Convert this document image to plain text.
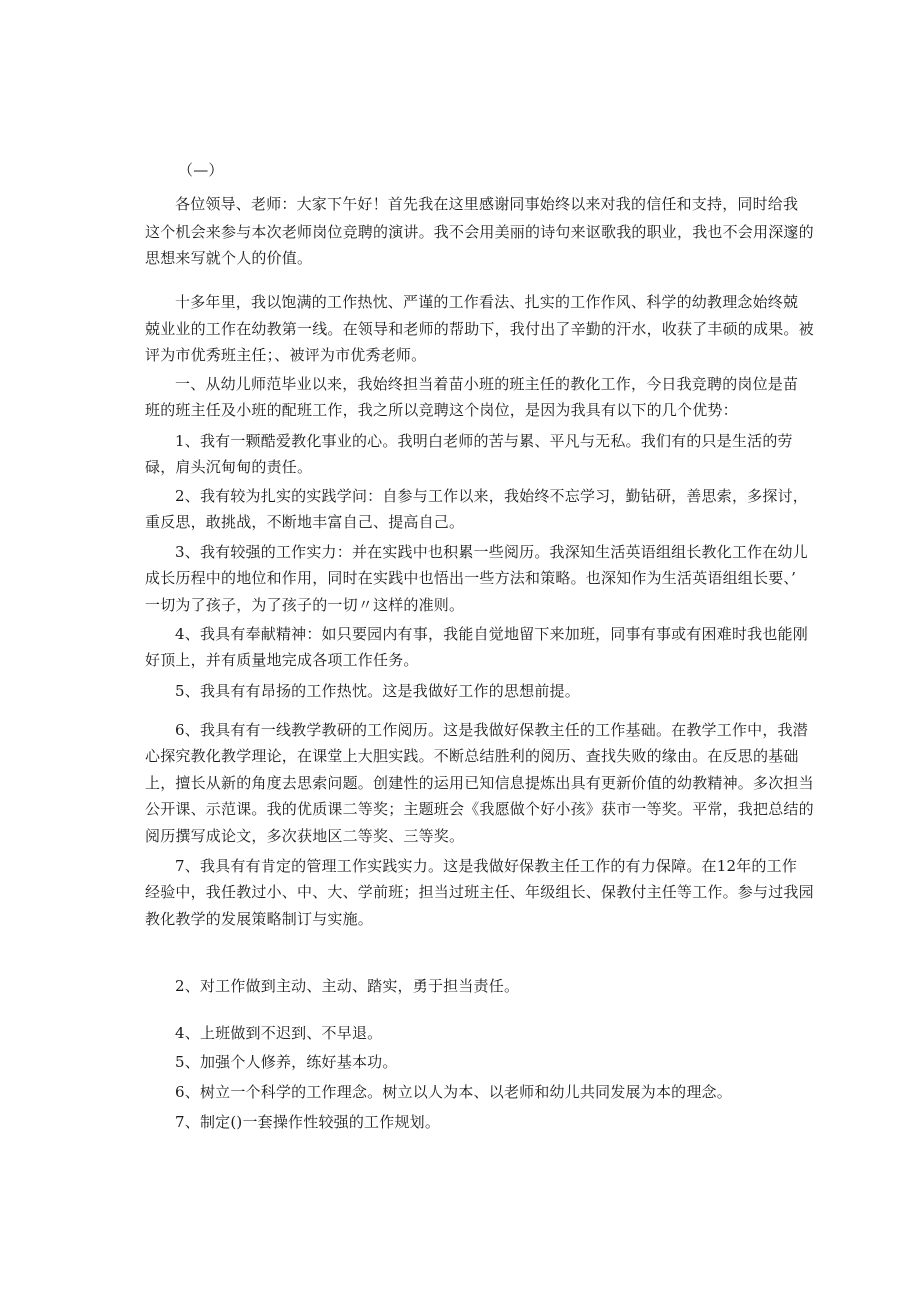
（—）
各位领导、老师：大家下午好！首先我在这里感谢同事始终以来对我的信任和支持，同时给我
这个机会来参与本次老师岗位竞聘的演讲。我不会用美丽的诗句来讴歌我的职业，我也不会用深邃的
思想来写就个人的价值。
十多年里，我以饱满的工作热忱、严谨的工作看法、扎实的工作作风、科学的幼教理念始终兢
兢业业的工作在幼教第一线。在领导和老师的帮助下，我付出了辛勤的汗水，收获了丰硕的成果。被
评为市优秀班主任；、被评为市优秀老师。
一、从幼儿师范毕业以来，我始终担当着苗小班的班主任的教化工作，今日我竞聘的岗位是苗
班的班主任及小班的配班工作，我之所以竞聘这个岗位，是因为我具有以下的几个优势：
1、我有一颗酷爱教化事业的心。我明白老师的苦与累、平凡与无私。我们有的只是生活的劳
碌，肩头沉甸甸的责任。
2、我有较为扎实的实践学问：自参与工作以来，我始终不忘学习，勤钻研，善思索，多探讨，
重反思，敢挑战，不断地丰富自己、提高自己。
3、我有较强的工作实力：并在实践中也积累一些阅历。我深知生活英语组组长教化工作在幼儿
成长历程中的地位和作用，同时在实践中也悟出一些方法和策略。也深知作为生活英语组组长要、’
一切为了孩子，为了孩子的一切〃这样的准则。
4、我具有奉献精神：如只要园内有事，我能自觉地留下来加班，同事有事或有困难时我也能刚
好顶上，并有质量地完成各项工作任务。
5、我具有有昂扬的工作热忱。这是我做好工作的思想前提。
6、我具有有一线教学教研的工作阅历。这是我做好保教主任的工作基础。在教学工作中，我潜
心探究教化教学理论，在课堂上大胆实践。不断总结胜利的阅历、查找失败的缘由。在反思的基础
上，擅长从新的角度去思索问题。创建性的运用已知信息提炼出具有更新价值的幼教精神。多次担当
公开课、示范课。我的优质课二等奖；主题班会《我愿做个好小孩》获市一等奖。平常，我把总结的
阅历撰写成论文，多次获地区二等奖、三等奖。
7、我具有有肯定的管理工作实践实力。这是我做好保教主任工作的有力保障。在12年的工作
经验中，我任教过小、中、大、学前班；担当过班主任、年级组长、保教付主任等工作。参与过我园
教化教学的发展策略制订与实施。
2、对工作做到主动、主动、踏实，勇于担当责任。
4、上班做到不迟到、不早退。
5、加强个人修养，练好基本功。
6、树立一个科学的工作理念。树立以人为本、以老师和幼儿共同发展为本的理念。
7、制定()一套操作性较强的工作规划。
